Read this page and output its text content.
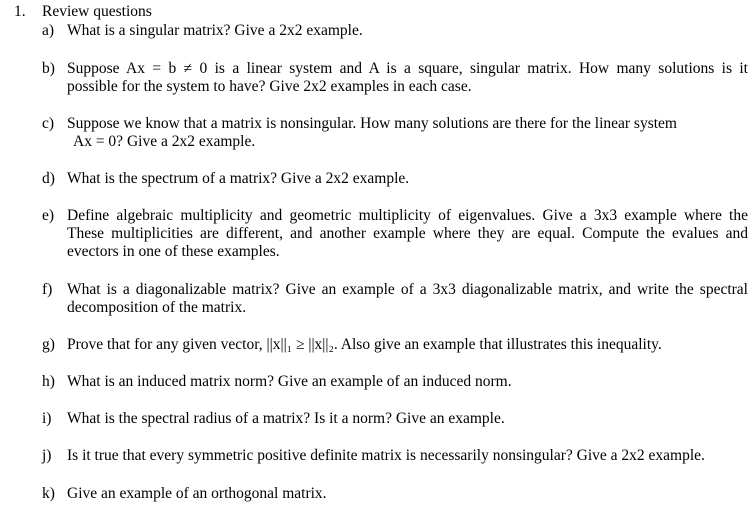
1. Review questions
a) What is a singular matrix? Give a 2x2 example.
b) Suppose Ax = b ≠ 0 is a linear system and A is a square, singular matrix. How many solutions is it
possible for the system to have? Give 2x2 examples in each case.
c) Suppose we know that a matrix is nonsingular. How many solutions are there for the linear system
Ax = 0? Give a 2x2 example.
d) What is the spectrum of a matrix? Give a 2x2 example.
e) Define algebraic multiplicity and geometric multiplicity of eigenvalues. Give a 3x3 example where the
These multiplicities are different, and another example where they are equal. Compute the evalues and
evectors in one of these examples.
f) What is a diagonalizable matrix? Give an example of a 3x3 diagonalizable matrix, and write the spectral
decomposition of the matrix.
g) Prove that for any given vector, ||x||₁ ≥ ||x||₂. Also give an example that illustrates this inequality.
h) What is an induced matrix norm? Give an example of an induced norm.
i)	What is the spectral radius of a matrix? Is it a norm? Give an example.
j)	Is it true that every symmetric positive definite matrix is necessarily nonsingular? Give a 2x2 example.
k) Give an example of an orthogonal matrix.
